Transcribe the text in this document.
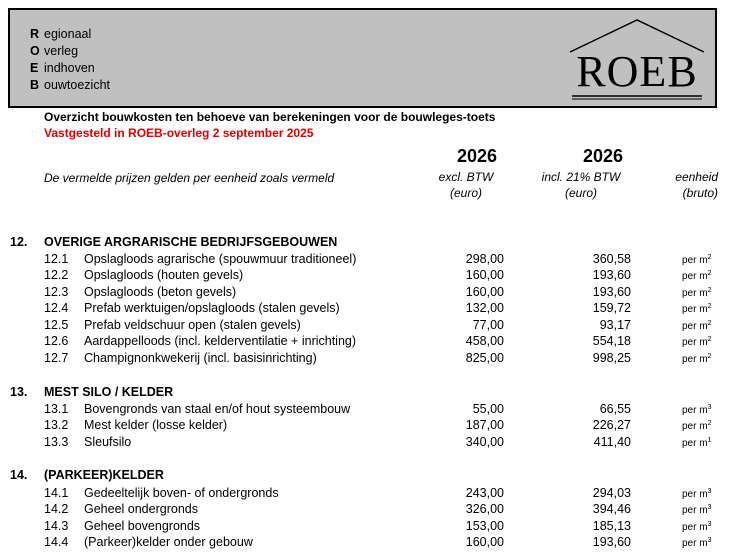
R egionaal
O verleg
E indhoven
B ouwtoezicht	ROEB
Overzicht bouwkosten ten behoeve van berekeningen voor de bouwleges-toets
Vastgesteld in ROEB-overleg 2 september 2025
2026	2026
De vermelde prijzen gelden per eenheid zoals vermeld	excl. BTW
(euro)
incl. 21% BTW
(euro)
eenheid
(bruto)
12. OVERIGE ARGRARISCHE BEDRIJFSGEBOUWEN
12.1 Opslagloods agrarische (spouwmuur traditioneel)	298,00	360,58	per $m^2$
12.2 Opslagloods (houten gevels)	160,00	193,60	per $m^2$
12.3 Opslagloods (beton gevels)	160,00	193,60	per $m^2$
12.4 Prefab werktuigen/opslagloods (stalen gevels)	132,00	159,72	per $m^2$
12.5 Prefab veldschuur open (stalen gevels)	77,00	93,17	per $m^2$
12.6 Aardappelloods (incl. kelderventilatie + inrichting)	458,00	554,18	per $m^2$
12.7 Champignonkwekerij (incl. basisinrichting)	825,00	998,25	per $m^2$
13. MEST SILO / KELDER
13.1 Bovengronds van staal en/of hout systeembouw	55,00	66,55	per $m^3$
13.2 Mest kelder (losse kelder)	187,00	226,27	per $m^2$
13.3 Sleufsilo	340,00	411,40	per $m^1$
14. (PARKEER)KELDER
14.1 Gedeeltelijk boven- of ondergronds	243,00	294,03	per $m^3$
14.2 Geheel ondergronds	326,00	394,46	per $m^3$
14.3 Geheel bovengronds	153,00	185,13	per $m^3$
14.4 (Parkeer)kelder onder gebouw	160,00	193,60	per $m^3$
